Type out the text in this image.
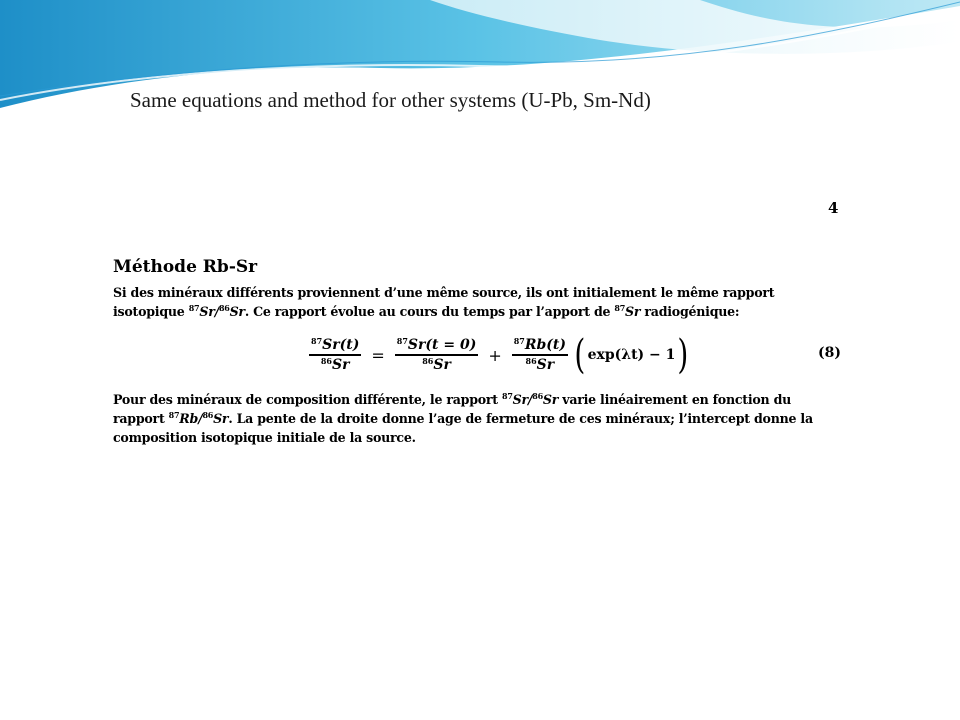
Same equations and method for other systems (U-Pb, Sm-Nd)
4
Méthode Rb-Sr
Si des minéraux différents proviennent d’une même source, ils ont initialement le même rapport
isotopique $^{87}$Sr/$^{86}$Sr. Ce rapport évolue au cours du temps par l’apport de $^{87}$Sr radiogénique:
$\frac{^{87}Sr(t)}{^{86}Sr} = \frac{^{87}Sr(t = 0)}{^{86}Sr} + \frac{^{87}Rb(t)}{^{86}Sr}$ ( exp(λt) − 1 )	(8)
Pour des minéraux de composition différente, le rapport $^{87}$Sr/$^{86}$Sr varie linéairement en fonction du
rapport $^{87}$Rb/$^{86}$Sr. La pente de la droite donne l’age de fermeture de ces minéraux; l’intercept donne la
composition isotopique initiale de la source.
